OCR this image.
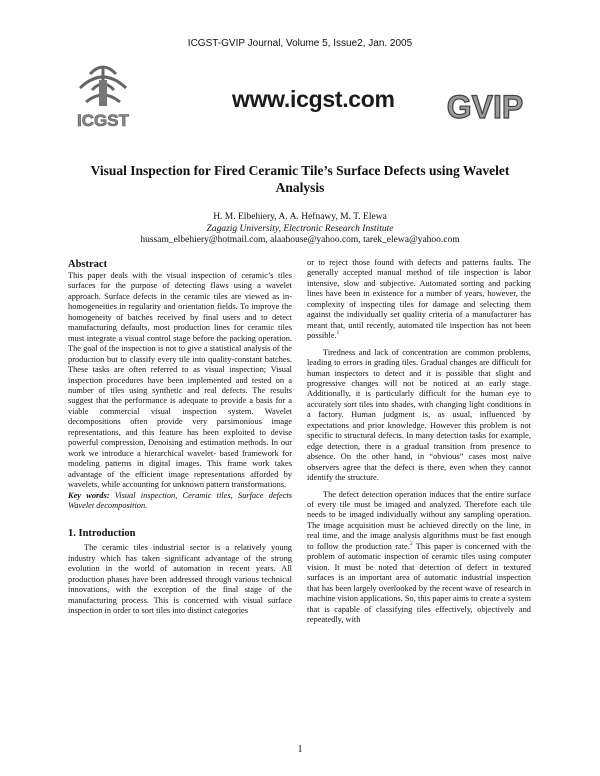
ICGST-GVIP Journal, Volume 5, Issue2, Jan. 2005
ICGST
www.icgst.com GVIP
Visual Inspection for Fired Ceramic Tile’s Surface Defects using Wavelet Analysis
H. M. Elbehiery, A. A. Hefnawy, M. T. Elewa
Zagazig University, Electronic Research Institute
hussam_elbehiery@hotmail.com, alaahouse@yahoo.com, tarek_elewa@yahoo.com
Abstract

This paper deals with the visual inspection of ceramic’s tiles surfaces for the purpose of detecting flaws using a wavelet approach. Surface defects in the ceramic tiles are viewed as in-homogeneities in regularity and orientation fields. To improve the homogeneity of batches received by final users and to detect manufacturing defaults, most production lines for ceramic tiles must integrate a visual control stage before the packing operation. The goal of the inspection is not to give a statistical analysis of the production but to classify every tile into quality-constant batches. These tasks are often referred to as visual inspection; Visual inspection procedures have been implemented and tested on a number of tiles using synthetic and real defects. The results suggest that the performance is adequate to provide a basis for a viable commercial visual inspection system. Wavelet decompositions often provide very parsimonious image representations, and this feature has been exploited to devise powerful compression, Denoising and estimation methods. In our work we introduce a hierarchical wavelet- based framework for modeling patterns in digital images. This frame work takes advantage of the efficient image representations afforded by wavelets, while accounting for unknown pattern transformations.

Key words: Visual inspection, Ceramic tiles, Surface defects Wavelet decomposition.

1. Introduction

The ceramic tiles industrial sector is a relatively young industry which has taken significant advantage of the strong evolution in the world of automation in recent years. All production phases have been addressed through various technical innovations, with the exception of the final stage of the manufacturing process. This is concerned with visual surface inspection in order to sort tiles into distinct categories

or to reject those found with defects and patterns faults. The generally accepted manual method of tile inspection is labor intensive, slow and subjective. Automated sorting and packing lines have been in existence for a number of years, however, the complexity of inspecting tiles for damage and selecting them against the individually set quality criteria of a manufacturer has meant that, until recently, automated tile inspection has not been possible.$^1$

Tiredness and lack of concentration are common problems, leading to errors in grading tiles. Gradual changes are difficult for human inspectors to detect and it is possible that slight and progressive changes will not be noticed at an early stage. Additionally, it is particularly difficult for the human eye to accurately sort tiles into shades, with changing light conditions in a factory. Human judgment is, as usual, influenced by expectations and prior knowledge. However this problem is not specific to structural defects. In many detection tasks for example, edge detection, there is a gradual transition from presence to absence. On the other hand, in “obvious” cases most naïve observers agree that the defect is there, even when they cannot identify the structure.

The defect detection operation induces that the entire surface of every tile must be imaged and analyzed. Therefore each tile needs to be imaged individually without any sampling operation. The image acquisition must be achieved directly on the line, in real time, and the image analysis algorithms must be fast enough to follow the production rate.$^2$ This paper is concerned with the problem of automatic inspection of ceramic tiles using computer vision. It must be noted that detection of defect in textured surfaces is an important area of automatic industrial inspection that has been largely overlooked by the recent wave of research in machine vision applications. So, this paper aims to create a system that is capable of classifying tiles effectively, objectively and repeatedly, with

1
